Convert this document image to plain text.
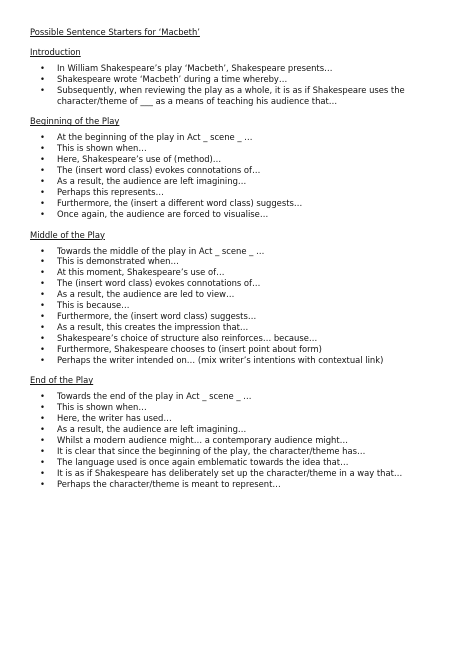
Possible Sentence Starters for ‘Macbeth’
Introduction
•	In William Shakespeare’s play ‘Macbeth’, Shakespeare presents…
•	Shakespeare wrote ‘Macbeth’ during a time whereby…
•	Subsequently, when reviewing the play as a whole, it is as if Shakespeare uses the character/theme of ___ as a means of teaching his audience that…
Beginning of the Play
•	At the beginning of the play in Act _ scene _ …
•	This is shown when…
•	Here, Shakespeare’s use of (method)…
•	The (insert word class) evokes connotations of…
•	As a result, the audience are left imagining…
•	Perhaps this represents…
•	Furthermore, the (insert a different word class) suggests…
•	Once again, the audience are forced to visualise…
Middle of the Play
•	Towards the middle of the play in Act _ scene _ …
•	This is demonstrated when…
•	At this moment, Shakespeare’s use of…
•	The (insert word class) evokes connotations of…
•	As a result, the audience are led to view…
•	This is because…
•	Furthermore, the (insert word class) suggests…
•	As a result, this creates the impression that…
•	Shakespeare’s choice of structure also reinforces… because…
•	Furthermore, Shakespeare chooses to (insert point about form)
•	Perhaps the writer intended on… (mix writer’s intentions with contextual link)
End of the Play
•	Towards the end of the play in Act _ scene _ …
•	This is shown when…
•	Here, the writer has used…
•	As a result, the audience are left imagining…
•	Whilst a modern audience might… a contemporary audience might…
•	It is clear that since the beginning of the play, the character/theme has…
•	The language used is once again emblematic towards the idea that…
•	It is as if Shakespeare has deliberately set up the character/theme in a way that…
•	Perhaps the character/theme is meant to represent…
